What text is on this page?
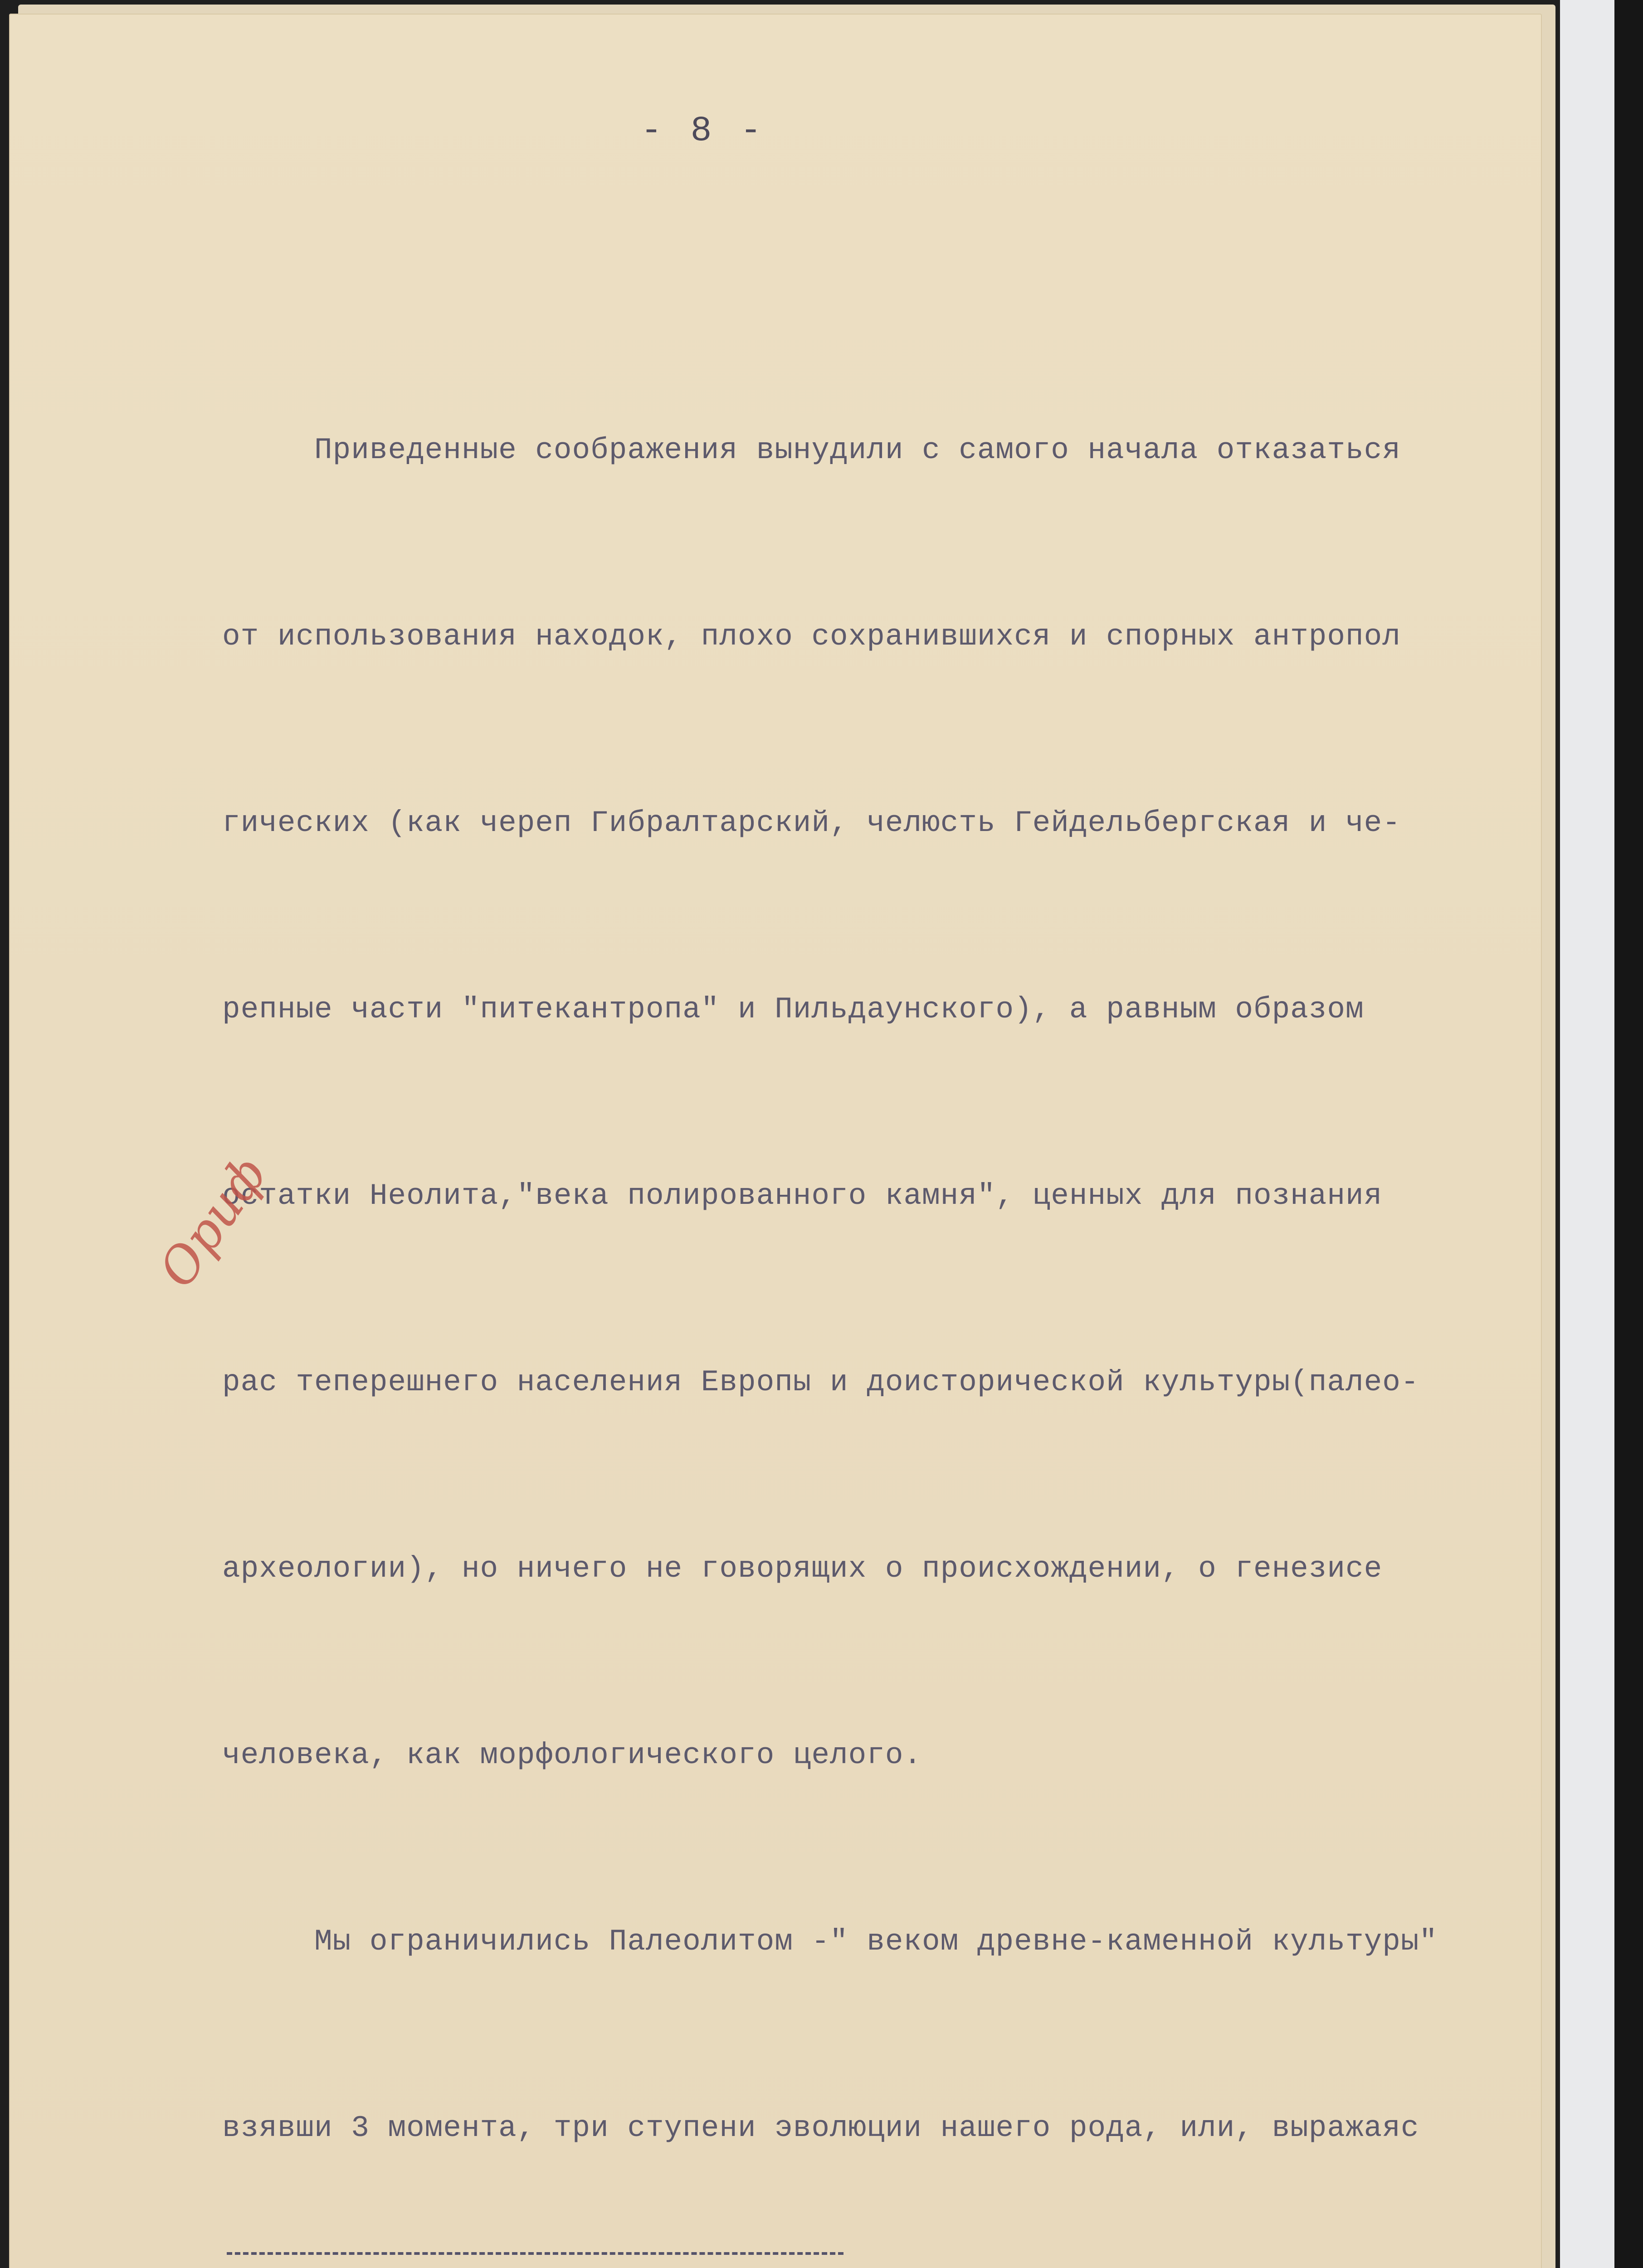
- 8 -

Приведенные соображения вынудили с самого начала отказаться

от использования находок, плохо сохранившихся и спорных антропол

гических (как череп Гибралтарский, челюсть Гейдельбергская и че-

репные части "питекантропа" и Пильдаунского), а равным образом

остатки Неолита,"века полированного камня", ценных для познания

рас теперешнего населения Европы и доисторической культуры(палео-

археологии), но ничего не говорящих о происхождении, о генезисе

человека, как морфологического целого.

Мы ограничились Палеолитом -" веком древне-каменной культуры"

взявши 3 момента, три ступени эволюции нашего рода, или, выражаяс

Ориф
